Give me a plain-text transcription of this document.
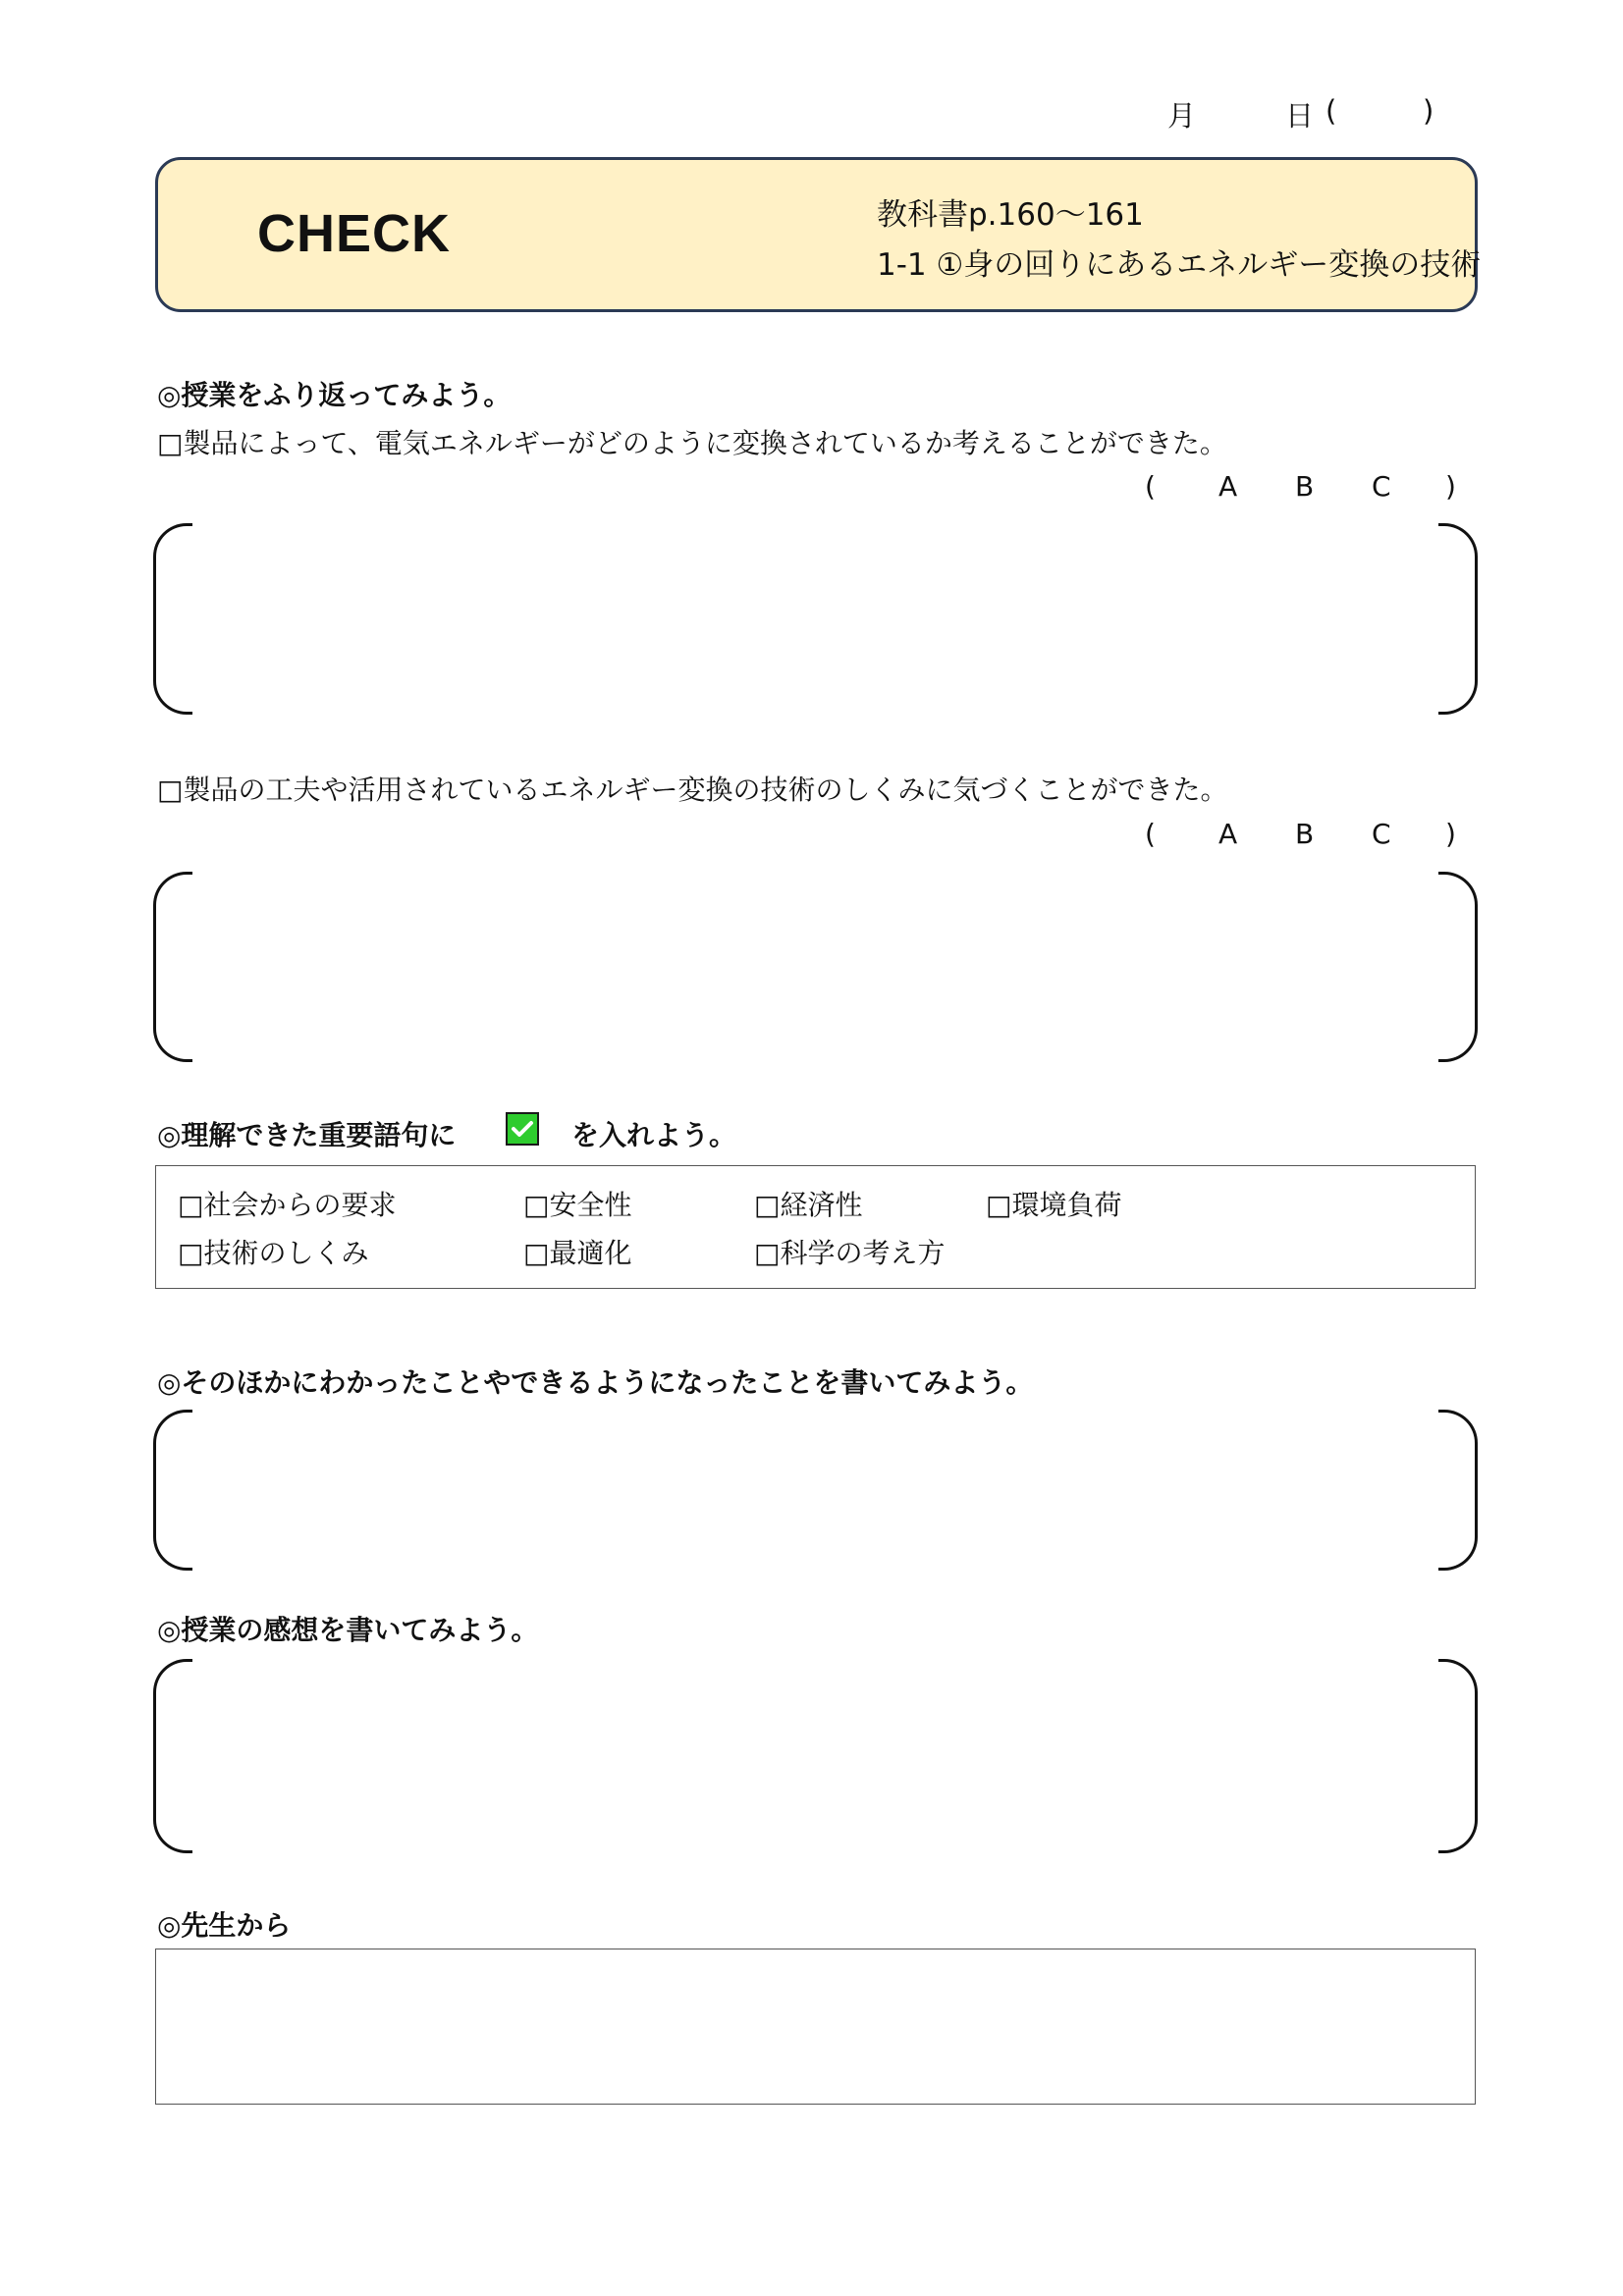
月	日 (	)
CHECK	教科書p.160〜161
1-1 ①身の回りにあるエネルギー変換の技術
◎授業をふり返ってみよう。
□製品によって、電気エネルギーがどのように変換されているか考えることができた。
( A B C )
□製品の工夫や活用されているエネルギー変換の技術のしくみに気づくことができた。
( A B C )
◎理解できた重要語句に	を入れよう。
□社会からの要求	□安全性	□経済性	□環境負荷
□技術のしくみ	□最適化	□科学の考え方
◎そのほかにわかったことやできるようになったことを書いてみよう。
◎授業の感想を書いてみよう。
◎先生から
